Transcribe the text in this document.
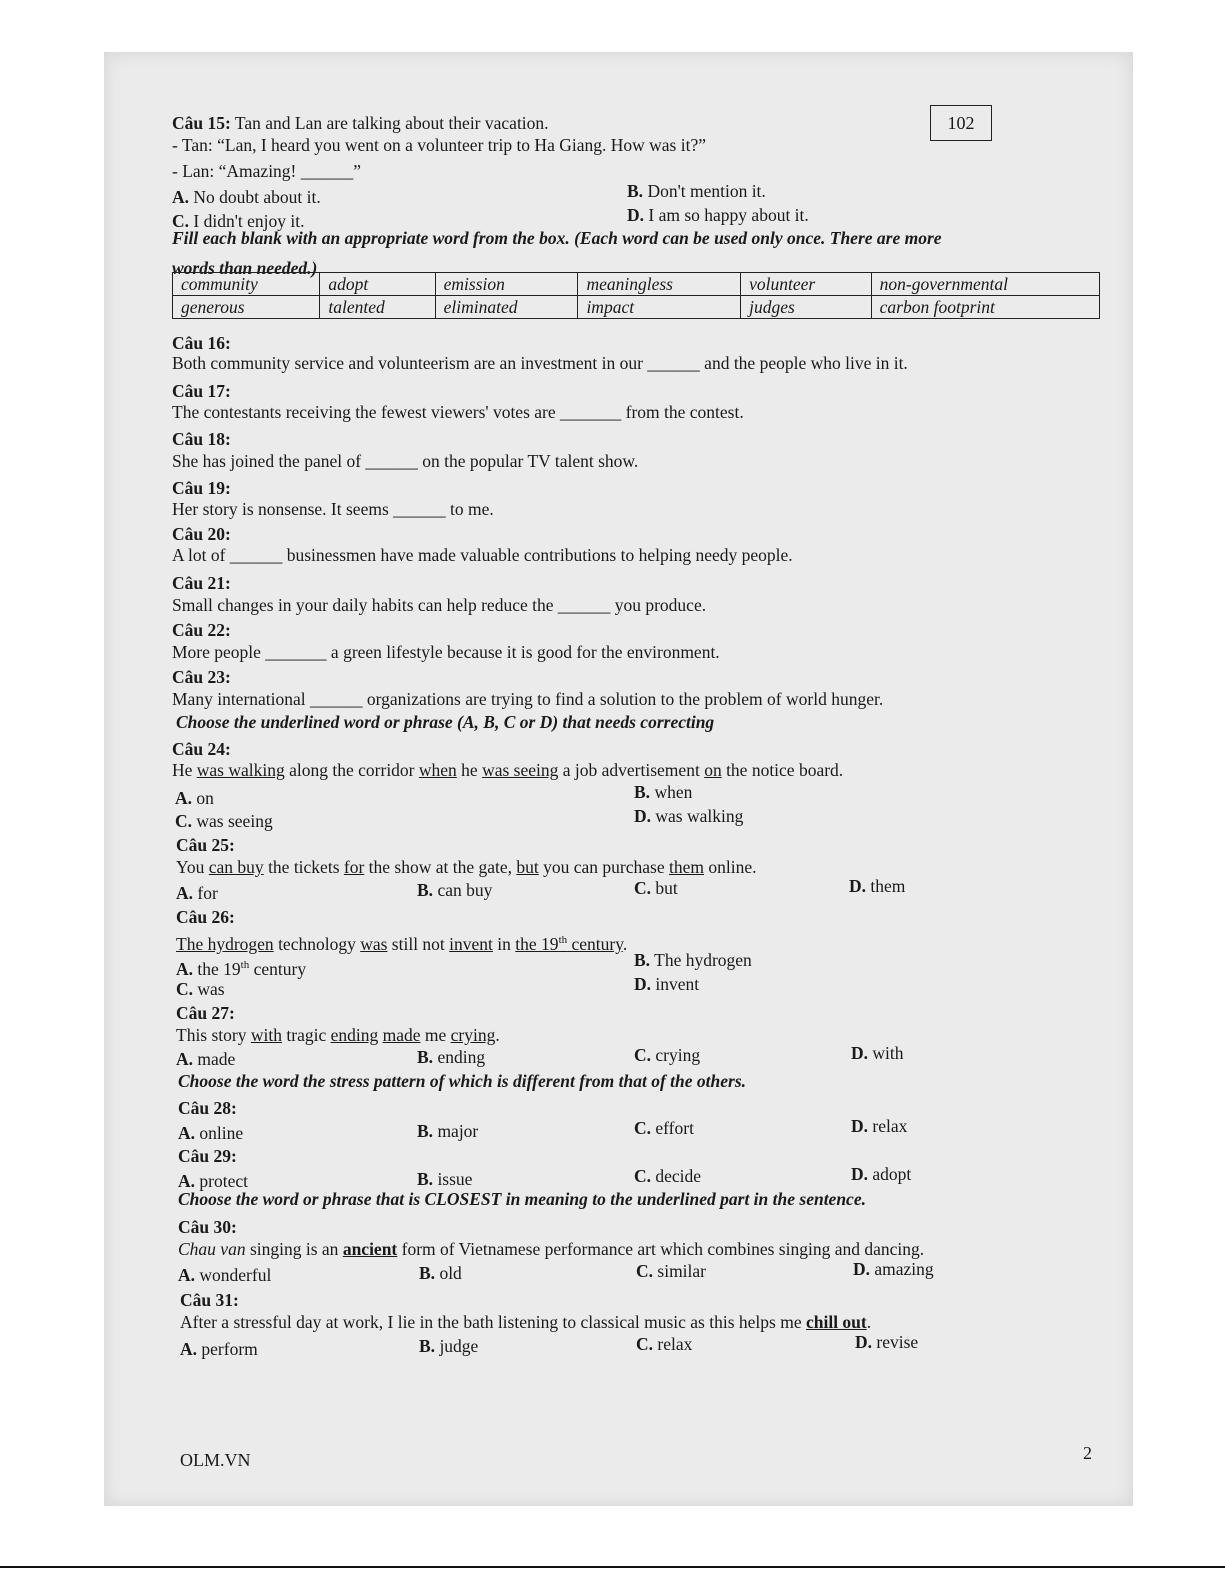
102
Câu 15: Tan and Lan are talking about their vacation.
- Tan: “Lan, I heard you went on a volunteer trip to Ha Giang. How was it?”
- Lan: “Amazing! ______”
A. No doubt about it.	B. Don't mention it.
C. I didn't enjoy it.	D. I am so happy about it.
Fill each blank with an appropriate word from the box. (Each word can be used only once. There are more
words than needed.)
community	adopt	emission	meaningless	volunteer	non-governmental
generous	talented	eliminated	impact	judges	carbon footprint
Câu 16:
Both community service and volunteerism are an investment in our ______ and the people who live in it.
Câu 17:
The contestants receiving the fewest viewers' votes are _______ from the contest.
Câu 18:
She has joined the panel of ______ on the popular TV talent show.
Câu 19:
Her story is nonsense. It seems ______ to me.
Câu 20:
A lot of ______ businessmen have made valuable contributions to helping needy people.
Câu 21:
Small changes in your daily habits can help reduce the ______ you produce.
Câu 22:
More people _______ a green lifestyle because it is good for the environment.
Câu 23:
Many international ______ organizations are trying to find a solution to the problem of world hunger.
Choose the underlined word or phrase (A, B, C or D) that needs correcting
Câu 24:
He was walking along the corridor when he was seeing a job advertisement on the notice board.
A. on	B. when
C. was seeing	D. was walking
Câu 25:
You can buy the tickets for the show at the gate, but you can purchase them online.
A. for	B. can buy	C. but	D. them
Câu 26:
The hydrogen technology was still not invent in the 19th century.
A. the 19th century	B. The hydrogen
C. was	D. invent
Câu 27:
This story with tragic ending made me crying.
A. made	B. ending	C. crying	D. with
Choose the word the stress pattern of which is different from that of the others.
Câu 28:
A. online	B. major	C. effort	D. relax
Câu 29:
A. protect	B. issue	C. decide	D. adopt
Choose the word or phrase that is CLOSEST in meaning to the underlined part in the sentence.
Câu 30:
Chau van singing is an ancient form of Vietnamese performance art which combines singing and dancing.
A. wonderful	B. old	C. similar	D. amazing
Câu 31:
After a stressful day at work, I lie in the bath listening to classical music as this helps me chill out.
A. perform	B. judge	C. relax	D. revise
OLM.VN	2
